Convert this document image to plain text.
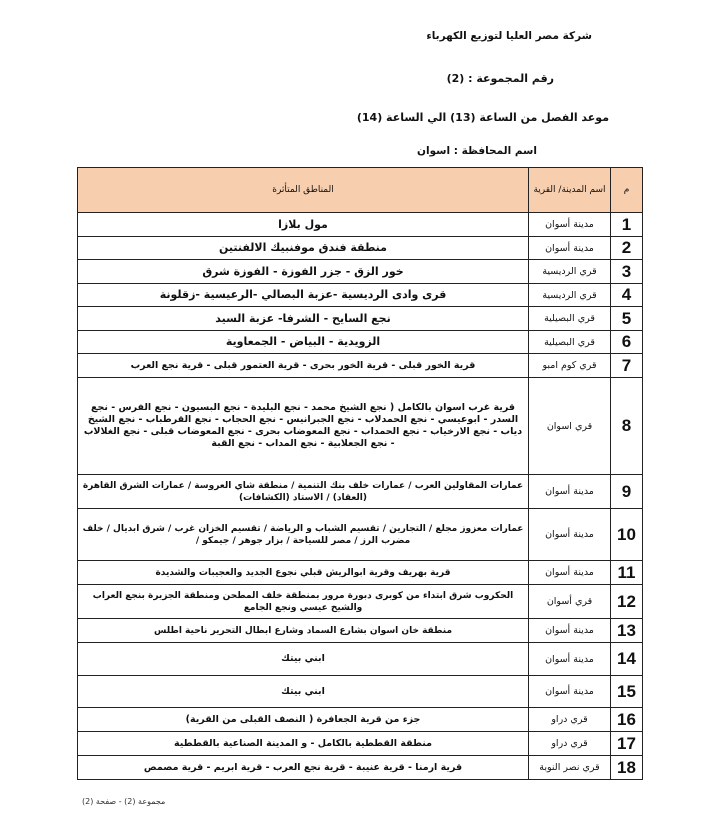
شركة مصر العليا لتوزيع الكهرباء
رقم المجموعة : (2)
موعد الفصل من الساعة (13) الي الساعة (14)
اسم المحافظة : اسوان
م	اسم المدينة/ القرية	المناطق المتأثرة
1	مدينة أسوان	مول بلازا
2	مدينة أسوان	منطقة فندق موفنبيك الالفنتين
3	قري الرديسية	خور الزق - جزر الفوزة - الفوزة شرق
4	قري الرديسية	قرى وادى الرديسية -عزبة البصالي -الرعيسية -زقلونة
5	قري البصيلية	نجع السايح - الشرفا- عزبة السيد
6	قري البصيلية	الزويدية - البياض - الجمعاوية
7	قري كوم امبو	قرية الخور قبلى - قرية الخور بحرى - قرية العتمور قبلى - قرية نجع العرب
8	قري اسوان	قرية غرب اسوان بالكامل ( نجع الشيخ محمد - نجع البليدة - نجع البسيون - نجع الفرس - نجع السدر - ابوعيسي - نجع الحمدلاب - نجع الجبرانيس - نجع الحجاب - نجع القرطباب - نجع الشيخ دياب - نجع الارخياب - نجع الحمداب - نجع المعوضاب بحرى - نجع المعوضاب قبلى - نجع الغلالاب - نجع الجعلابية - نجع المداب - نجع القبة
9	مدينة أسوان	عمارات المقاولين العرب / عمارات خلف بنك التنمية / منطقة شاي العروسة / عمارات الشرق القاهرة (العقاد) / الاستاد (الكشافات)
10	مدينة أسوان	عمارات معزوز مجلع / التجارين / تقسيم الشباب و الرياضة / تقسيم الخزان غرب / شرق ابديال / خلف مضرب الرز / مصر للسياحة / بزار جوهر / جيمكو /
11	مدينة أسوان	قرية بهريف وقرية ابوالريش قبلي نجوع الجديد والعجيبات والشديدة
12	قري أسوان	الحكروب شرق ابتداء من كوبرى دبورة مرور بمنطقة خلف المطحن ومنطقة الجزيرة بنجع العراب والشيخ عيسي ونجع الجامع
13	مدينة أسوان	منطقة خان اسوان بشارع السماد وشارع ابطال التحرير ناحية اطلس
14	مدينة أسوان	ابني بيتك
15	مدينة أسوان	ابني بيتك
16	قري دراو	جزء من قرية الجعافرة ( النصف القبلى من القرية)
17	قري دراو	منطقة القططية بالكامل - و المدينة الصناعية بالقططية
18	قري نصر النوبة	قرية ارمنا - قرية عنيبة - قرية نجع العرب - قرية ابريم - قرية مصمص
مجموعة (2) - صفحة (2)
